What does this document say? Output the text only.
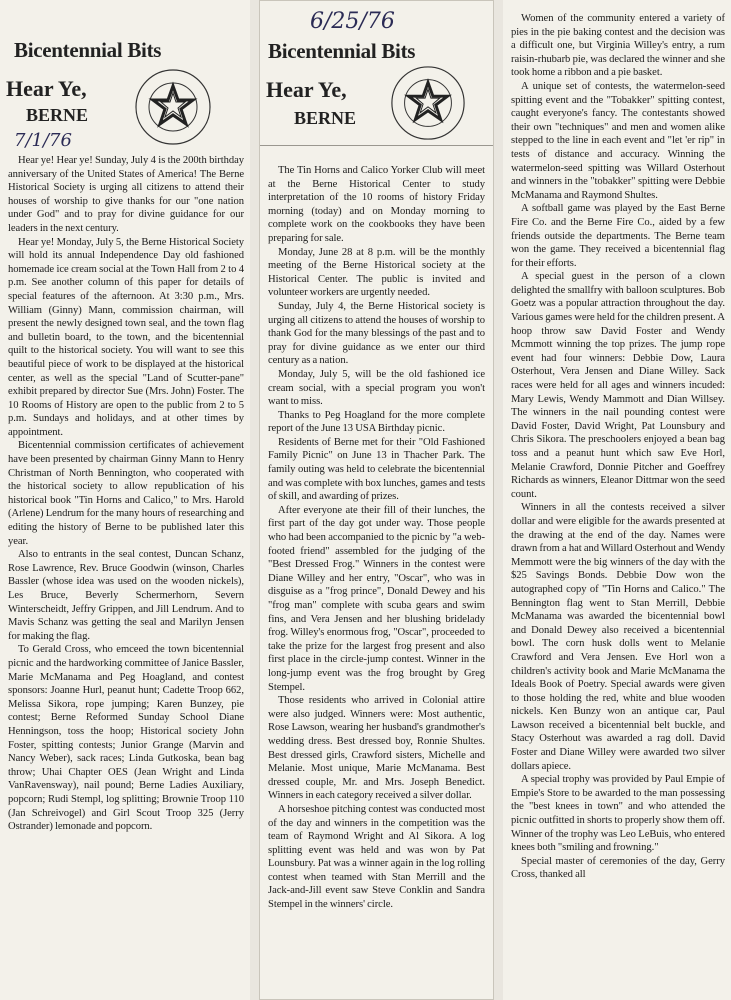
Bicentennial Bits
Hear Ye,
BERNE
7/1/76

Hear ye! Hear ye! Sunday, July 4 is the 200th birthday anniversary of the United States of America! The Berne Historical Society is urging all citizens to attend their houses of worship to give thanks for our "one nation under God" and to pray for divine guidance for our leaders in the next century.

Hear ye! Monday, July 5, the Berne Historical Society will hold its annual Independence Day old fashioned homemade ice cream social at the Town Hall from 2 to 4 p.m. See another column of this paper for details of special features of the afternoon. At 3:30 p.m., Mrs. William (Ginny) Mann, commission chairman, will present the newly designed town seal, and the town flag and bulletin board, to the town, and the bicentennial quilt to the historical society. You will want to see this beautiful piece of work to be displayed at the historical center, as well as the special "Land of Scutter-pane" exhibit prepared by director Sue (Mrs. John) Foster. The 10 Rooms of History are open to the public from 2 to 5 p.m. Sundays and holidays, and at other times by appointment.

Bicentennial commission certificates of achievement have been presented by chairman Ginny Mann to Henry Christman of North Bennington, who cooperated with the historical society to allow republication of his historical book "Tin Horns and Calico," to Mrs. Harold (Arlene) Lendrum for the many hours of researching and editing the history of Berne to be published later this year.

Also to entrants in the seal contest, Duncan Schanz, Rose Lawrence, Rev. Bruce Goodwin (winson, Charles Bassler (whose idea was used on the wooden nickels), Les Bruce, Beverly Schermerhorn, Severn Winterscheidt, Jeffry Grippen, and Jill Lendrum. And to Mavis Schanz was getting the seal and Marilyn Jensen for making the flag.

To Gerald Cross, who emceed the town bicentennial picnic and the hardworking committee of Janice Bassler, Marie McManama and Peg Hoagland, and contest sponsors: Joanne Hurl, peanut hunt; Cadette Troop 662, Melissa Sikora, rope jumping; Karen Bunzey, pie contest; Berne Reformed Sunday School Diane Henningson, toss the hoop; Historical society John Foster, spitting contests; Junior Grange (Marvin and Nancy Weber), sack races; Linda Gutkoska, bean bag throw; Uhai Chapter OES (Jean Wright and Linda VanRavensway), nail pound; Berne Ladies Auxiliary, popcorn; Rudi Stempl, log splitting; Brownie Troop 110 (Jan Schreivogel) and Girl Scout Troop 325 (Jerry Ostrander) lemonade and popcorn.

6/25/76
Bicentennial Bits
Hear Ye,
BERNE

The Tin Horns and Calico Yorker Club will meet at the Berne Historical Center to study interpretation of the 10 rooms of history Friday morning (today) and on Monday morning to complete work on the cookbooks they have been preparing for sale.

Monday, June 28 at 8 p.m. will be the monthly meeting of the Berne Historical society at the Historical Center. The public is invited and volunteer workers are urgently needed.

Sunday, July 4, the Berne Historical society is urging all citizens to attend the houses of worship to thank God for the many blessings of the past and to pray for divine guidance as we enter our third century as a nation.

Monday, July 5, will be the old fashioned ice cream social, with a special program you won't want to miss.

Thanks to Peg Hoagland for the more complete report of the June 13 USA Birthday picnic.

Residents of Berne met for their "Old Fashioned Family Picnic" on June 13 in Thacher Park. The family outing was held to celebrate the bicentennial and was complete with box lunches, games and tests of skill, and awarding of prizes.

After everyone ate their fill of their lunches, the first part of the day got under way. Those people who had been accompanied to the picnic by "a web-footed friend" assembled for the judging of the "Best Dressed Frog." Winners in the contest were Diane Willey and her entry, "Oscar", who was in disguise as a "frog prince", Donald Dewey and his "frog man" complete with scuba gears and swim fins, and Vera Jensen and her blushing bridelady frog. Willey's enormous frog, "Oscar", proceeded to take the prize for the largest frog present and also first place in the circle-jump contest. Winner in the long-jump event was the frog brought by Greg Stempel.

Those residents who arrived in Colonial attire were also judged. Winners were: Most authentic, Rose Lawson, wearing her husband's grandmother's wedding dress. Best dressed boy, Ronnie Shultes. Best dressed girls, Crawford sisters, Michelle and Melanie. Most unique, Marie McManama. Best dressed couple, Mr. and Mrs. Joseph Benedict. Winners in each category received a silver dollar.

A horseshoe pitching contest was conducted most of the day and winners in the competition was the team of Raymond Wright and Al Sikora. A log splitting event was held and was won by Pat Lounsbury. Pat was a winner again in the log rolling contest when teamed with Stan Merrill and the Jack-and-Jill event saw Steve Conklin and Sandra Stempel in the winners' circle.

Women of the community entered a variety of pies in the pie baking contest and the decision was a difficult one, but Virginia Willey's entry, a rum raisin-rhubarb pie, was declared the winner and she took home a ribbon and a pie basket.

A unique set of contests, the watermelon-seed spitting event and the "Tobakker" spitting contest, caught everyone's fancy. The contestants showed their own "techniques" and men and women alike stepped to the line in each event and "let 'er rip" in tests of distance and accuracy. Winning the watermelon-seed spitting was Willard Osterhout and winners in the "tobakker" spitting were Debbie McManama and Raymond Shultes.

A softball game was played by the East Berne Fire Co. and the Berne Fire Co., aided by a few friends outside the departments. The Berne team won the game. They received a bicentennial flag for their efforts.

A special guest in the person of a clown delighted the smallfry with balloon sculptures. Bob Goetz was a popular attraction throughout the day. Various games were held for the children present. A hoop throw saw David Foster and Wendy Mcmmott winning the top prizes. The jump rope event had four winners: Debbie Dow, Laura Osterhout, Vera Jensen and Diane Willey. Sack races were held for all ages and winners incuded: Mary Lewis, Wendy Mammott and Dian Willsey. The winners in the nail pounding contest were David Foster, David Wright, Pat Lounsbury and Chris Sikora. The preschoolers enjoyed a bean bag toss and a peanut hunt which saw Eve Horl, Melanie Crawford, Donnie Pitcher and Goeffrey Richards as winners, Eleanor Dittmar won the seed count.

Winners in all the contests received a silver dollar and were eligible for the awards presented at the drawing at the end of the day. Names were drawn from a hat and Willard Osterhout and Wendy Memmott were the big winners of the day with the $25 Savings Bonds. Debbie Dow won the autographed copy of "Tin Horns and Calico." The Bennington flag went to Stan Merrill, Debbie McManama was awarded the bicentennial bowl and Donald Dewey also received a bicentennial bowl. The corn husk dolls went to Melanie Crawford and Vera Jensen. Eve Horl won a children's activity book and Marie McManama the Ideals Book of Poetry. Special awards were given to those holding the red, white and blue wooden nickels. Ken Bunzy won an antique car, Paul Lawson received a bicentennial belt buckle, and Stacy Osterhout was awarded a rag doll. David Foster and Diane Willey were awarded two silver dollars apiece.

A special trophy was provided by Paul Empie of Empie's Store to be awarded to the man possessing the "best knees in town" and who attended the picnic outfitted in shorts to properly show them off. Winner of the trophy was Leo LeBuis, who entered knees both "smiling and frowning."

Special master of ceremonies of the day, Gerry Cross, thanked all
